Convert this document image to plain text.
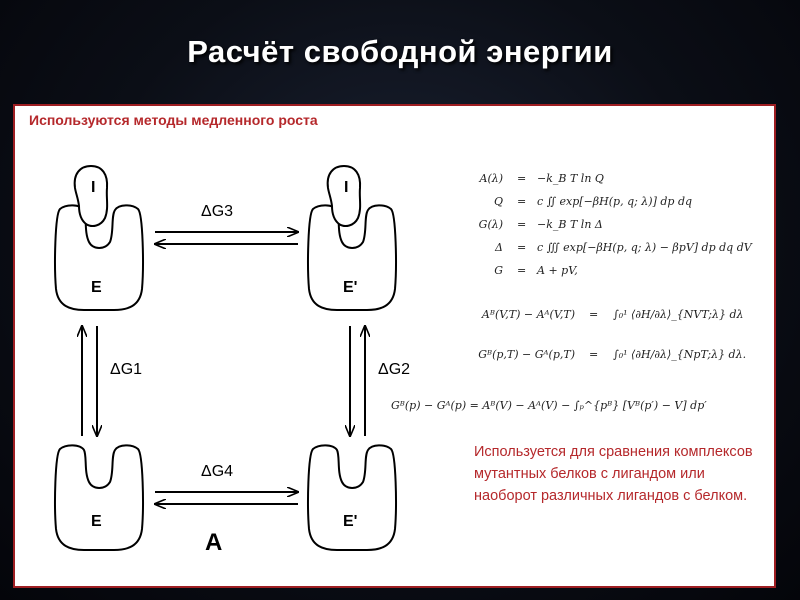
Расчёт свободной энергии
Используются методы медленного роста
I
E
I
E'
E	E'
ΔG3
ΔG4
A
ΔG1	ΔG2
A(λ) = −k_B T ln Q
Q = c ∬ exp[−βH(p, q; λ)] dp dq
G(λ) = −k_B T ln Δ
Δ = c ∭ exp[−βH(p, q; λ) − βpV] dp dq dV
G = A + pV,
Aᴮ(V,T) − Aᴬ(V,T) = ∫₀¹ ⟨∂H/∂λ⟩_{NVT;λ} dλ
Gᴮ(p,T) − Gᴬ(p,T) = ∫₀¹ ⟨∂H/∂λ⟩_{NpT;λ} dλ.
Gᴮ(p) − Gᴬ(p) = Aᴮ(V) − Aᴬ(V) − ∫ₚ^{pᴮ} [Vᴮ(p′) − V] dp′
Используется для сравнения комплексов мутантных белков с лигандом или наоборот различных лигандов с белком.
